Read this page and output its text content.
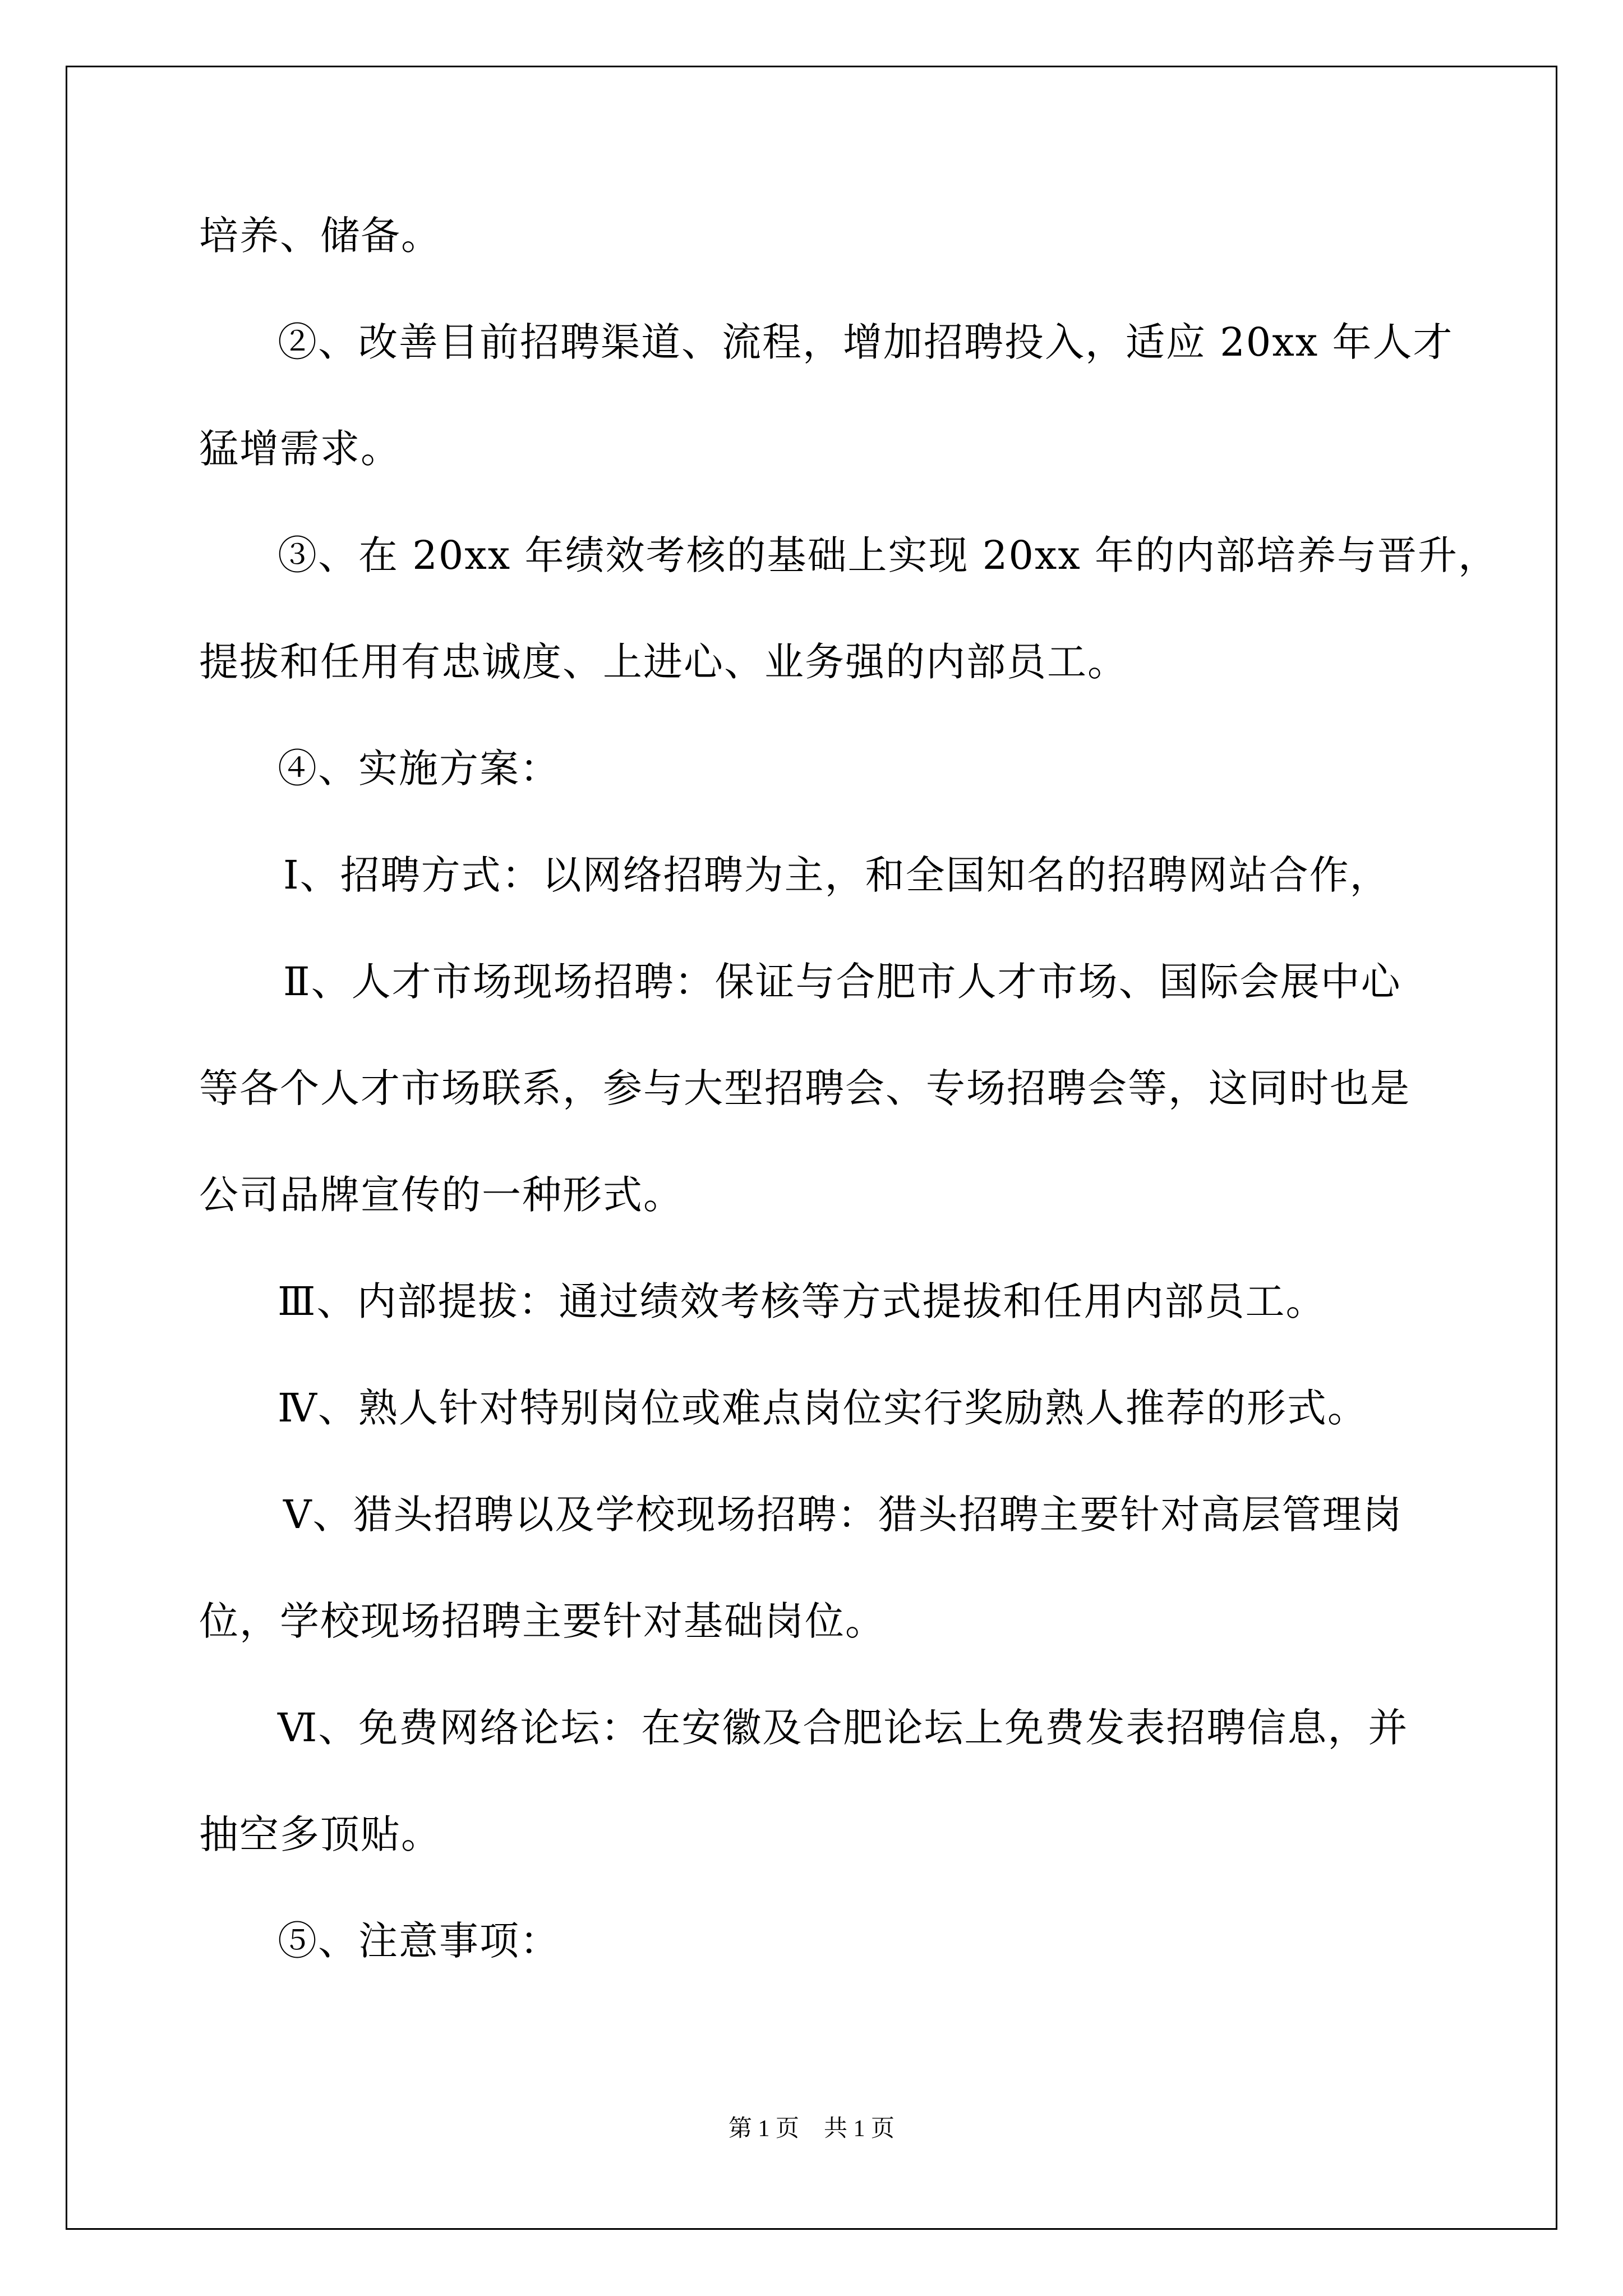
培养、储备。
②、改善目前招聘渠道、流程，增加招聘投入，适应 20xx 年人才
猛增需求。
③、在 20xx 年绩效考核的基础上实现 20xx 年的内部培养与晋升，
提拔和任用有忠诚度、上进心、业务强的内部员工。
④、实施方案：
Ⅰ、招聘方式：以网络招聘为主，和全国知名的招聘网站合作，
Ⅱ、人才市场现场招聘：保证与合肥市人才市场、国际会展中心
等各个人才市场联系，参与大型招聘会、专场招聘会等，这同时也是
公司品牌宣传的一种形式。
Ⅲ、内部提拔：通过绩效考核等方式提拔和任用内部员工。
Ⅳ、熟人针对特别岗位或难点岗位实行奖励熟人推荐的形式。
Ⅴ、猎头招聘以及学校现场招聘：猎头招聘主要针对高层管理岗
位，学校现场招聘主要针对基础岗位。
Ⅵ、免费网络论坛：在安徽及合肥论坛上免费发表招聘信息，并
抽空多顶贴。
⑤、注意事项：
第 1 页 共 1 页
